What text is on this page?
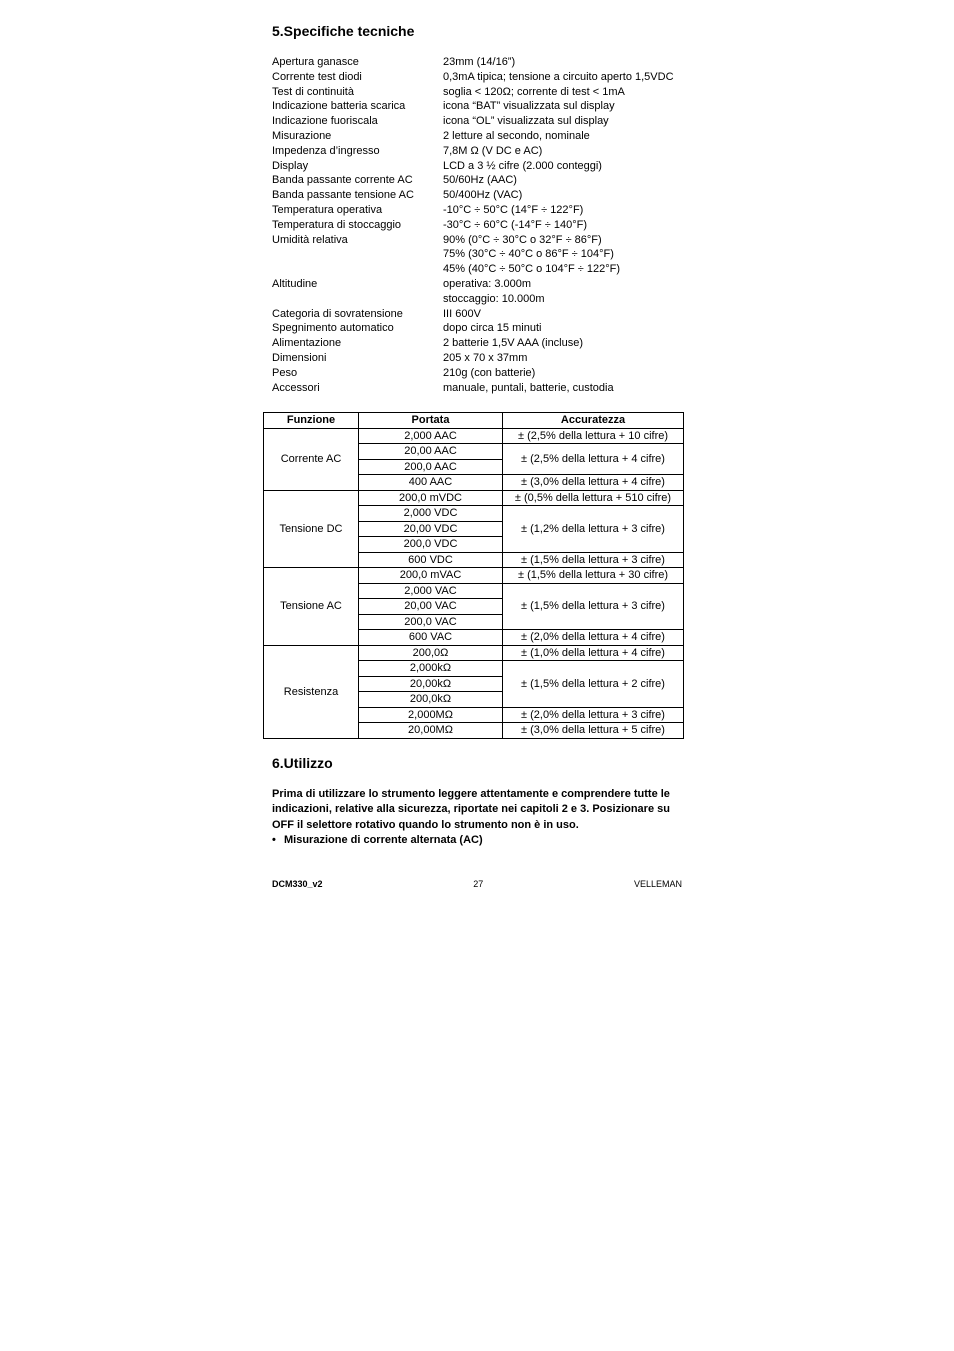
5.Specifiche tecniche
Apertura ganasce	23mm (14/16”)
Corrente test diodi	0,3mA tipica; tensione a circuito aperto 1,5VDC
Test di continuità	soglia < 120Ω; corrente di test < 1mA
Indicazione batteria scarica	icona “BAT” visualizzata sul display
Indicazione fuoriscala	icona “OL” visualizzata sul display
Misurazione	2 letture al secondo, nominale
Impedenza d’ingresso	7,8M Ω (V DC e AC)
Display	LCD a 3 ½ cifre (2.000 conteggi)
Banda passante corrente AC	50/60Hz (AAC)
Banda passante tensione AC	50/400Hz (VAC)
Temperatura operativa	-10°C ÷ 50°C (14°F ÷ 122°F)
Temperatura di stoccaggio	-30°C ÷ 60°C (-14°F ÷ 140°F)
Umidità relativa	90% (0°C ÷ 30°C o 32°F ÷ 86°F)
75% (30°C ÷ 40°C o 86°F ÷ 104°F)
45% (40°C ÷ 50°C o 104°F ÷ 122°F)
Altitudine	operativa: 3.000m
stoccaggio: 10.000m
Categoria di sovratensione	III 600V
Spegnimento automatico	dopo circa 15 minuti
Alimentazione	2 batterie 1,5V AAA (incluse)
Dimensioni	205 x 70 x 37mm
Peso	210g (con batterie)
Accessori	manuale, puntali, batterie, custodia
Funzione	Portata	Accuratezza
Corrente AC	2,000 AAC	± (2,5% della lettura + 10 cifre)
	20,00 AAC	± (2,5% della lettura + 4 cifre)
	200,0 AAC	
	400 AAC	± (3,0% della lettura + 4 cifre)
Tensione DC	200,0 mVDC	± (0,5% della lettura + 510 cifre)
	2,000 VDC	± (1,2% della lettura + 3 cifre)
	20,00 VDC	
	200,0 VDC	
	600 VDC	± (1,5% della lettura + 3 cifre)
Tensione AC	200,0 mVAC	± (1,5% della lettura + 30 cifre)
	2,000 VAC	± (1,5% della lettura + 3 cifre)
	20,00 VAC	
	200,0 VAC	
	600 VAC	± (2,0% della lettura + 4 cifre)
Resistenza	200,0Ω	± (1,0% della lettura + 4 cifre)
	2,000kΩ	± (1,5% della lettura + 2 cifre)
	20,00kΩ	
	200,0kΩ	
	2,000MΩ	± (2,0% della lettura + 3 cifre)
	20,00MΩ	± (3,0% della lettura + 5 cifre)
6.Utilizzo
Prima di utilizzare lo strumento leggere attentamente e comprendere tutte le indicazioni, relative alla sicurezza, riportate nei capitoli 2 e 3. Posizionare su OFF il selettore rotativo quando lo strumento non è in uso.
• Misurazione di corrente alternata (AC)
DCM330_v2	27	VELLEMAN
